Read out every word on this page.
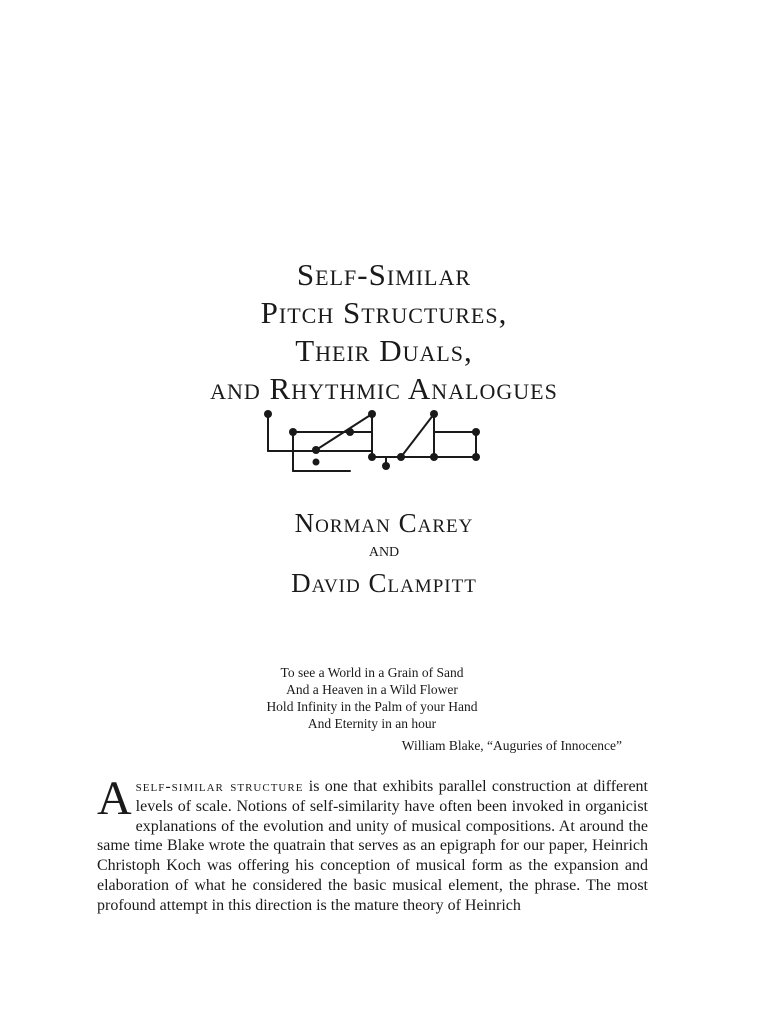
Self-Similar
Pitch Structures,
Their Duals,
and Rhythmic Analogues
Norman Carey
and
David Clampitt
To see a World in a Grain of Sand
And a Heaven in a Wild Flower
Hold Infinity in the Palm of your Hand
And Eternity in an hour
William Blake, “Auguries of Innocence”
Aself-similar structure is one that exhibits parallel construction at different levels of scale. Notions of self-similarity have often been invoked in organicist explanations of the evolution and unity of musical compositions. At around the same time Blake wrote the quatrain that serves as an epigraph for our paper, Heinrich Christoph Koch was offering his conception of musical form as the expansion and elaboration of what he considered the basic musical element, the phrase. The most profound attempt in this direction is the mature theory of Heinrich
